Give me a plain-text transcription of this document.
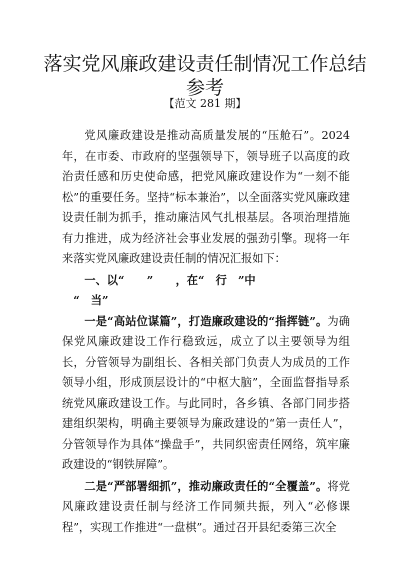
落实党风廉政建设责任制情况工作总结参考
【范文 281 期】

党风廉政建设是推动高质量发展的“压舱石”。2024年，在市委、市政府的坚强领导下，领导班子以高度的政治责任感和历史使命感，把党风廉政建设作为“一刻不能松”的重要任务。坚持“标本兼治”，以全面落实党风廉政建设责任制为抓手，推动廉洁风气扎根基层。各项治理措施有力推进，成为经济社会事业发展的强劲引擎。现将一年来落实党风廉政建设责任制的情况汇报如下：

一、以“　　”　　，在“　行　”中
“　当”

一是“高站位谋篇”，打造廉政建设的“指挥链”。为确保党风廉政建设工作行稳致远，成立了以主要领导为组长，分管领导为副组长、各相关部门负责人为成员的工作领导小组，形成顶层设计的“中枢大脑”，全面监督指导系统党风廉政建设工作。与此同时，各乡镇、各部门同步搭建组织架构，明确主要领导为廉政建设的“第一责任人”，分管领导作为具体“操盘手”，共同织密责任网络，筑牢廉政建设的“钢铁屏障”。

二是“严部署细抓”，推动廉政责任的“全覆盖”。将党风廉政建设责任制与经济工作同频共振，列入“必修课程”，实现工作推进“一盘棋”。通过召开县纪委第三次全
